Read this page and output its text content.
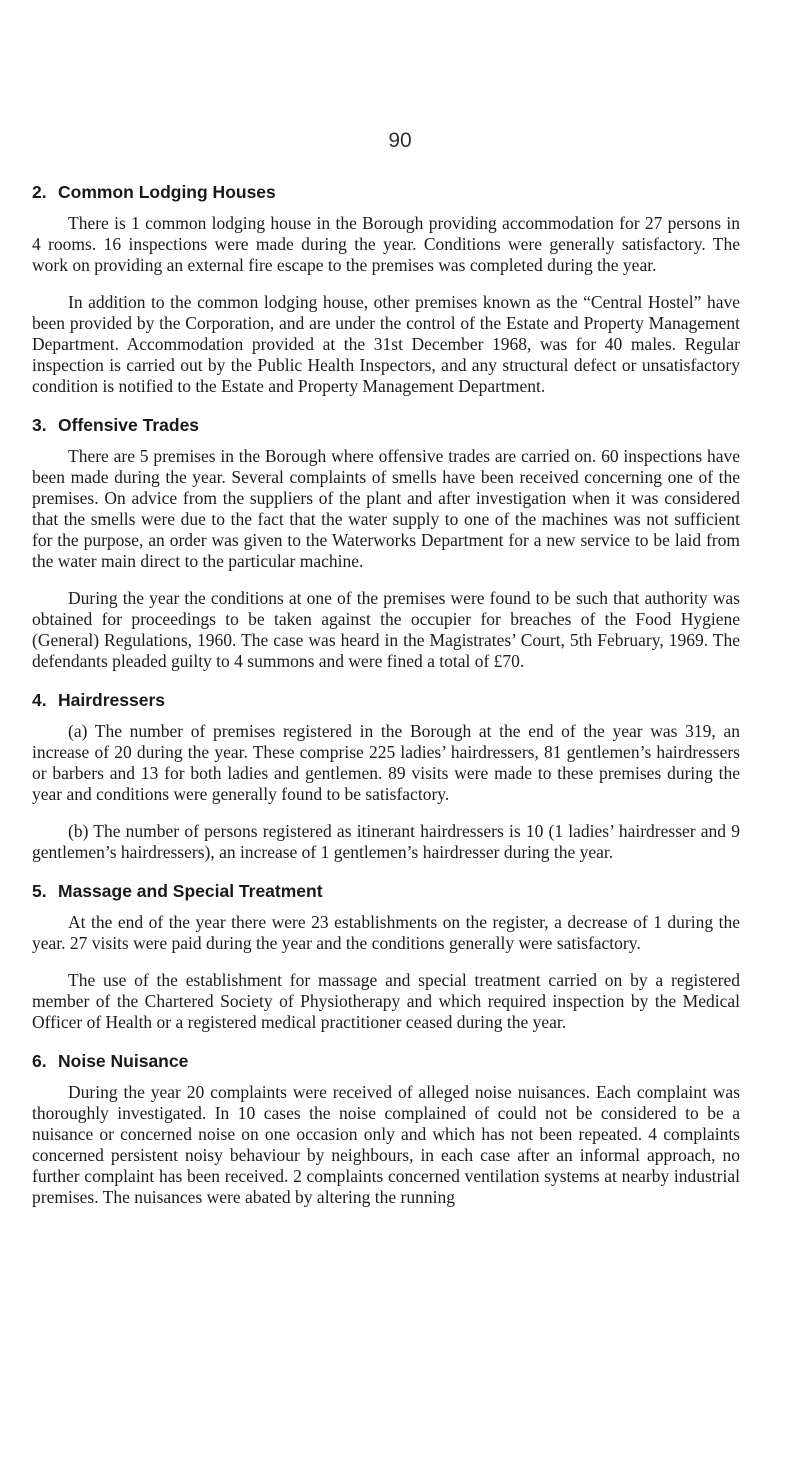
90
2. Common Lodging Houses

There is 1 common lodging house in the Borough providing accommodation for 27 persons in 4 rooms. 16 inspections were made during the year. Conditions were generally satisfactory. The work on providing an external fire escape to the premises was completed during the year.

In addition to the common lodging house, other premises known as the “Central Hostel” have been provided by the Corporation, and are under the control of the Estate and Property Management Department. Accommodation provided at the 31st December 1968, was for 40 males. Regular inspection is carried out by the Public Health Inspectors, and any structural defect or unsatisfactory condition is notified to the Estate and Property Management Department.

3. Offensive Trades

There are 5 premises in the Borough where offensive trades are carried on. 60 inspections have been made during the year. Several complaints of smells have been received concerning one of the premises. On advice from the suppliers of the plant and after investigation when it was considered that the smells were due to the fact that the water supply to one of the machines was not sufficient for the purpose, an order was given to the Waterworks Department for a new service to be laid from the water main direct to the particular machine.

During the year the conditions at one of the premises were found to be such that authority was obtained for proceedings to be taken against the occupier for breaches of the Food Hygiene (General) Regulations, 1960. The case was heard in the Magistrates’ Court, 5th February, 1969. The defendants pleaded guilty to 4 summons and were fined a total of £70.

4. Hairdressers

(a) The number of premises registered in the Borough at the end of the year was 319, an increase of 20 during the year. These comprise 225 ladies’ hairdressers, 81 gentlemen’s hairdressers or barbers and 13 for both ladies and gentlemen. 89 visits were made to these premises during the year and conditions were generally found to be satisfactory.

(b) The number of persons registered as itinerant hairdressers is 10 (1 ladies’ hairdresser and 9 gentlemen’s hairdressers), an increase of 1 gentlemen’s hairdresser during the year.

5. Massage and Special Treatment

At the end of the year there were 23 establishments on the register, a decrease of 1 during the year. 27 visits were paid during the year and the conditions generally were satisfactory.

The use of the establishment for massage and special treatment carried on by a registered member of the Chartered Society of Physiotherapy and which required inspection by the Medical Officer of Health or a registered medical practitioner ceased during the year.

6. Noise Nuisance

During the year 20 complaints were received of alleged noise nuisances. Each complaint was thoroughly investigated. In 10 cases the noise complained of could not be considered to be a nuisance or concerned noise on one occasion only and which has not been repeated. 4 complaints concerned persistent noisy behaviour by neighbours, in each case after an informal approach, no further complaint has been received. 2 complaints concerned ventilation systems at nearby industrial premises. The nuisances were abated by altering the running
